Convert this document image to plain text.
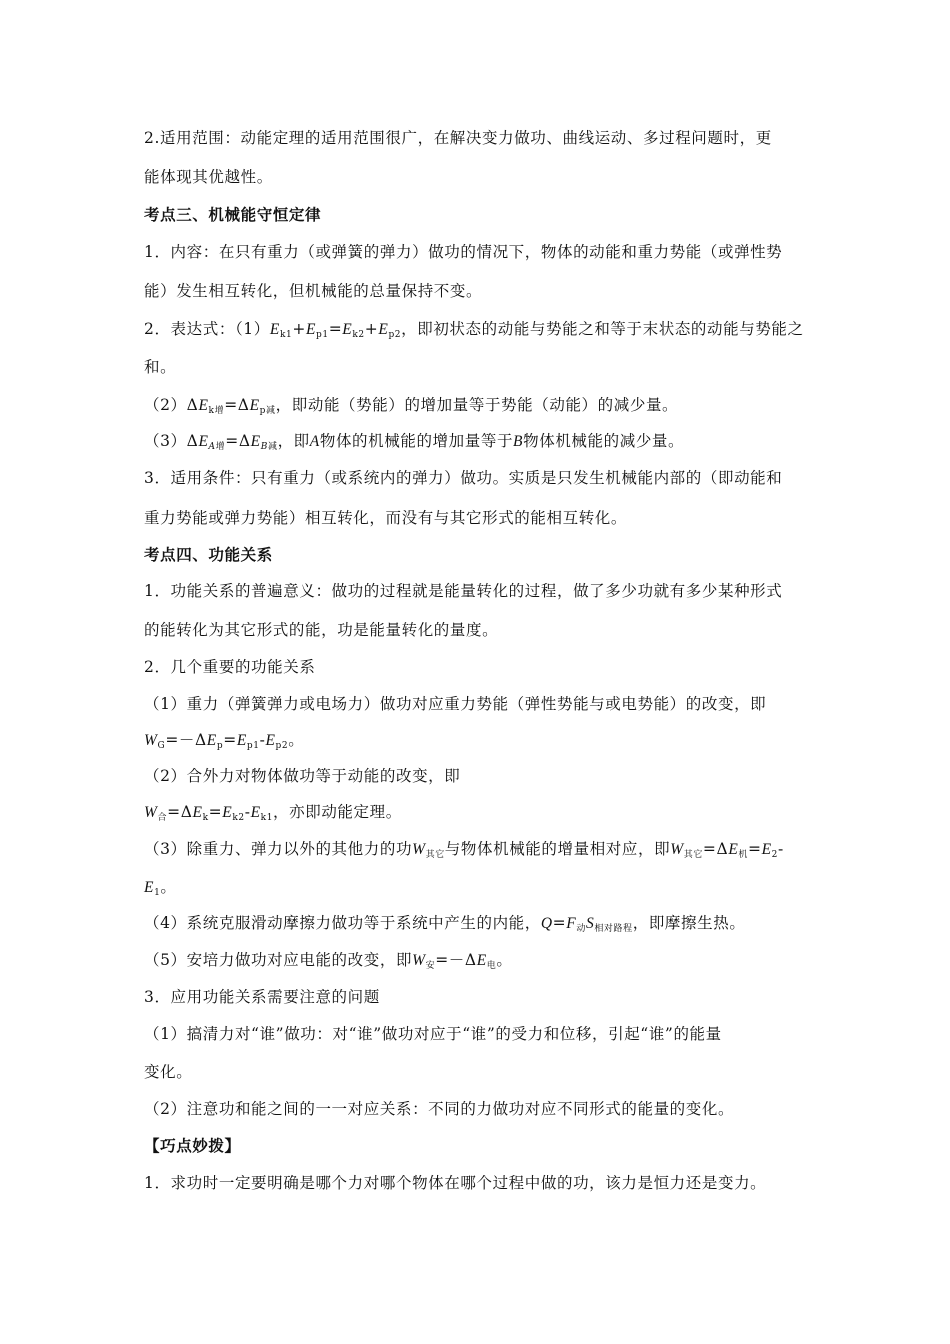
2.适用范围：动能定理的适用范围很广，在解决变力做功、曲线运动、多过程问题时，更
能体现其优越性。
考点三、机械能守恒定律
1．内容：在只有重力（或弹簧的弹力）做功的情况下，物体的动能和重力势能（或弹性势
能）发生相互转化，但机械能的总量保持不变。
2．表达式：$(1)E_{k1}+E_{p1}=E_{k2}+E_{p2}$，即初状态的动能与势能之和等于末状态的动能与势能之
和。
$(2)\Delta E_{k增}=\Delta E_{p减}$，即动能（势能）的增加量等于势能（动能）的减少量。
$(3)\Delta E_{A增}=\Delta E_{B减}$，即A物体的机械能的增加量等于B物体机械能的减少量。
3．适用条件：只有重力（或系统内的弹力）做功。实质是只发生机械能内部的（即动能和
重力势能或弹力势能）相互转化，而没有与其它形式的能相互转化。
考点四、功能关系
1．功能关系的普遍意义：做功的过程就是能量转化的过程，做了多少功就有多少某种形式
的能转化为其它形式的能，功是能量转化的量度。
2．几个重要的功能关系
（1）重力（弹簧弹力或电场力）做功对应重力势能（弹性势能与或电势能）的改变，即
$W_G=-\Delta E_p=E_{p1}-E_{p2}$。
（2）合外力对物体做功等于动能的改变，即
$W_合=\Delta E_k=E_{k2}-E_{k1}$，亦即动能定理。
（3）除重力、弹力以外的其他力的功$W_{其它}$与物体机械能的增量相对应，即$W_{其它}=\Delta E_机=E_2-$
$E_1$。
（4）系统克服滑动摩擦力做功等于系统中产生的内能，$Q=F_动S_{相对路程}$，即摩擦生热。
（5）安培力做功对应电能的改变，即$W_安=-\Delta E_电$。
3．应用功能关系需要注意的问题
（1）搞清力对“谁”做功：对“谁”做功对应于“谁”的受力和位移，引起“谁”的能量
变化。
（2）注意功和能之间的一一对应关系：不同的力做功对应不同形式的能量的变化。
【巧点妙拨】
1．求功时一定要明确是哪个力对哪个物体在哪个过程中做的功，该力是恒力还是变力。
